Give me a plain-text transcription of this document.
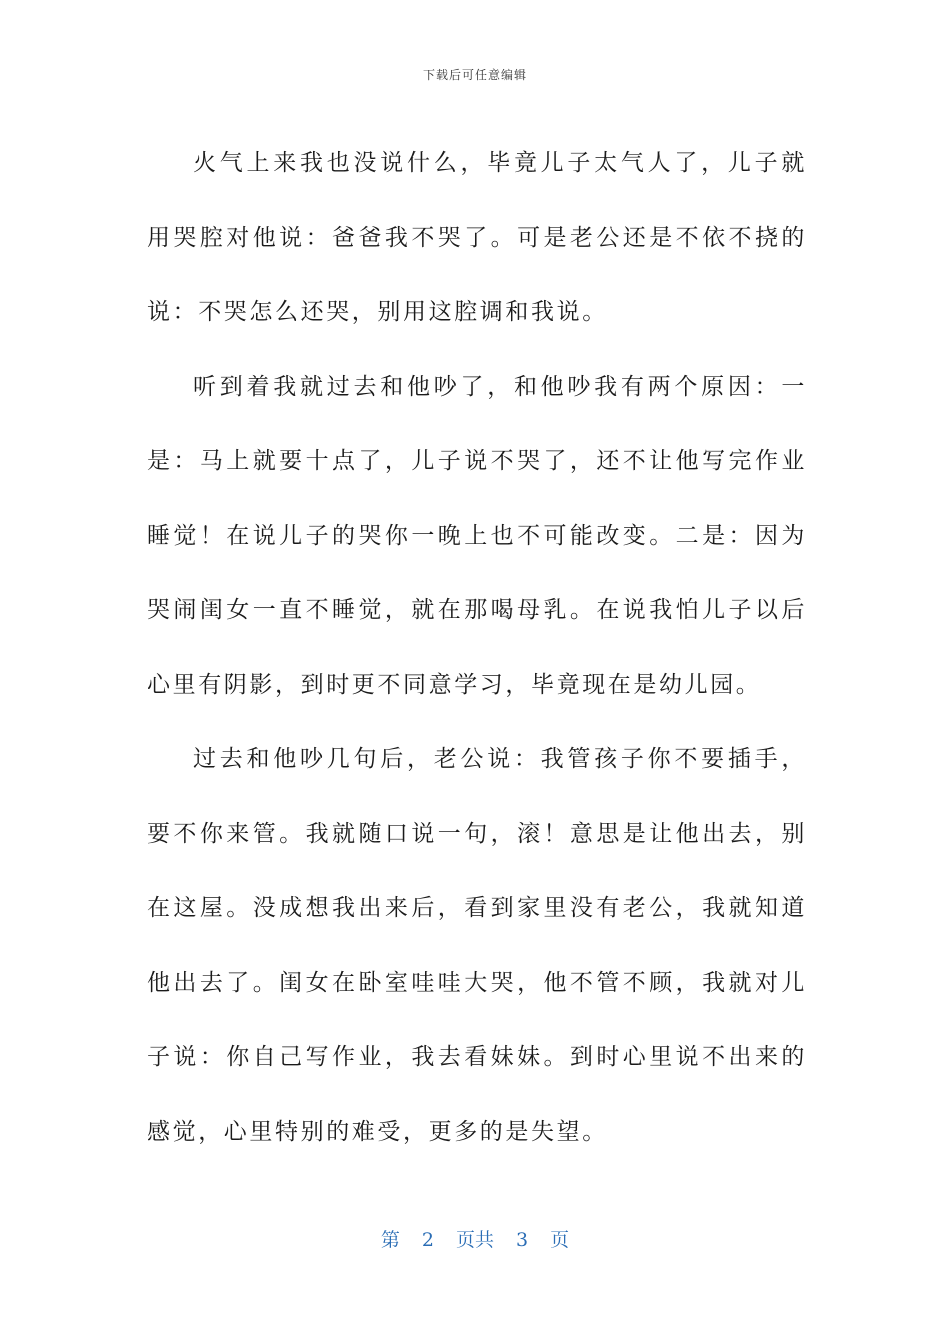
下载后可任意编辑

火气上来我也没说什么，毕竟儿子太气人了，儿子就用哭腔对他说：爸爸我不哭了。可是老公还是不依不挠的说：不哭怎么还哭，别用这腔调和我说。

听到着我就过去和他吵了，和他吵我有两个原因：一是：马上就要十点了，儿子说不哭了，还不让他写完作业睡觉！在说儿子的哭你一晚上也不可能改变。二是：因为哭闹闺女一直不睡觉，就在那喝母乳。在说我怕儿子以后心里有阴影，到时更不同意学习，毕竟现在是幼儿园。

过去和他吵几句后，老公说：我管孩子你不要插手，要不你来管。我就随口说一句，滚！意思是让他出去，别在这屋。没成想我出来后，看到家里没有老公，我就知道他出去了。闺女在卧室哇哇大哭，他不管不顾，我就对儿子说：你自己写作业，我去看妹妹。到时心里说不出来的感觉，心里特别的难受，更多的是失望。

第 2 页共 3 页
